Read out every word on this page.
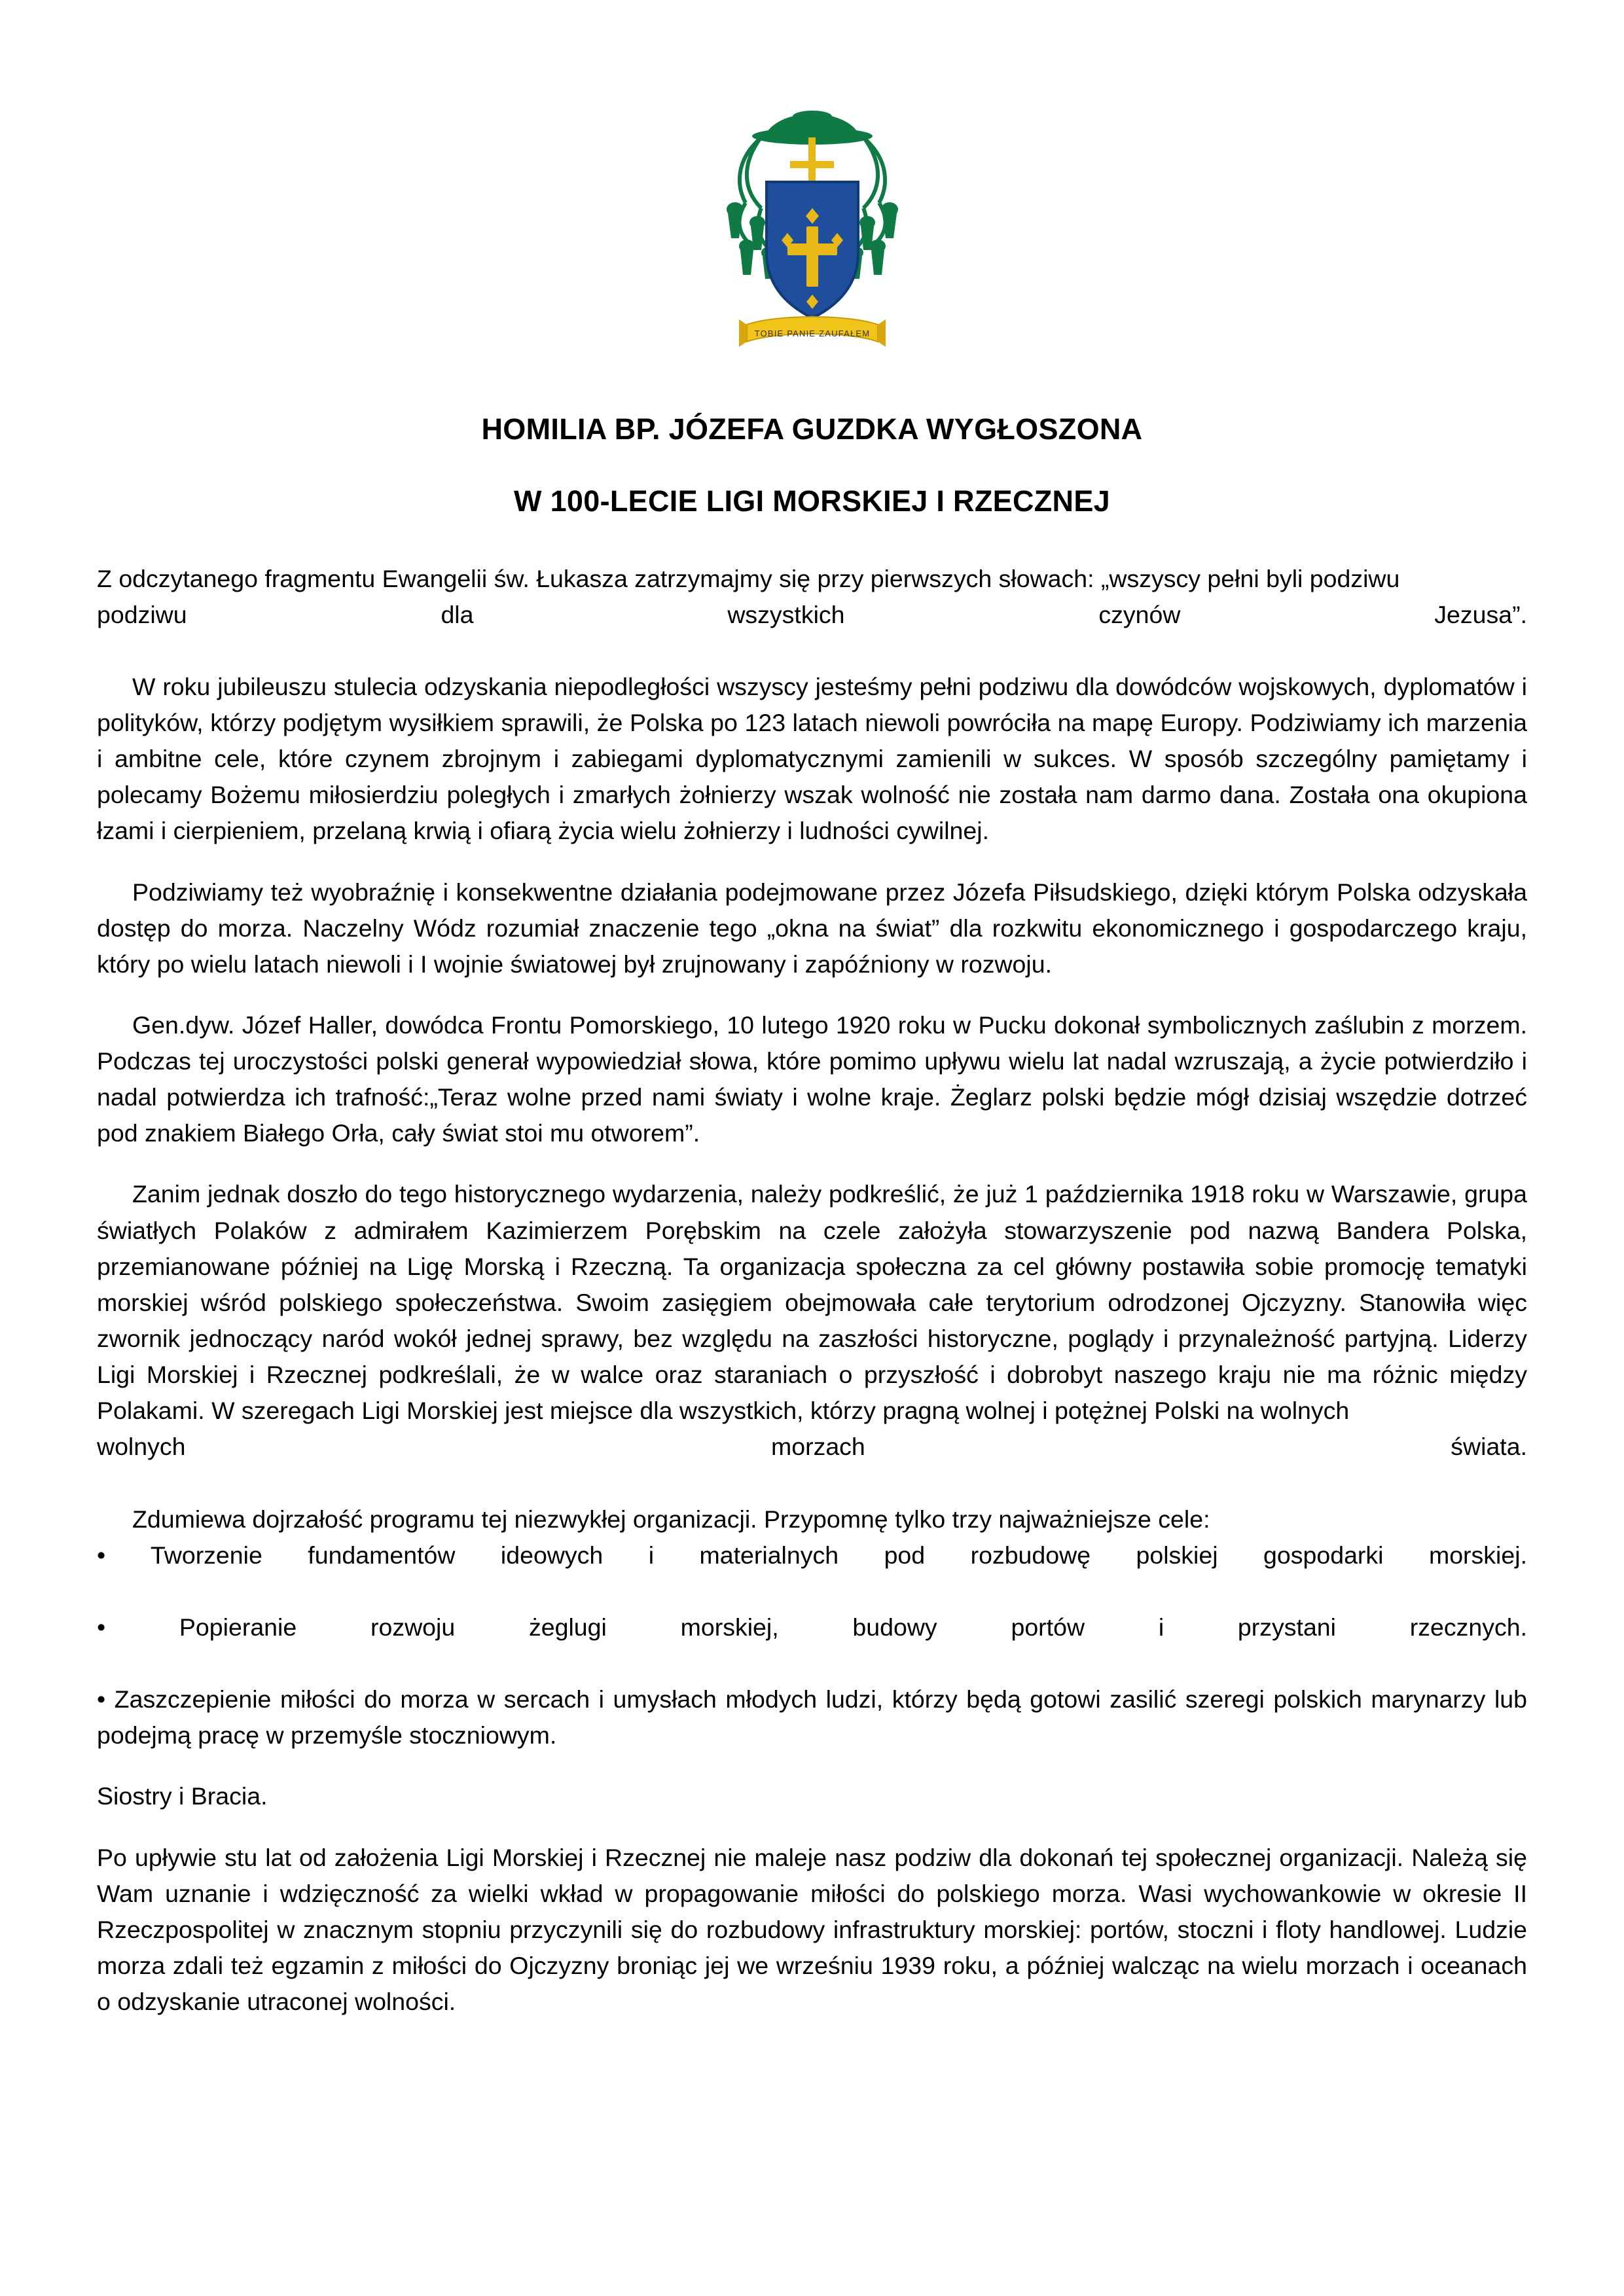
TOBIE PANIE ZAUFAŁEM
HOMILIA BP. JÓZEFA GUZDKA WYGŁOSZONA
W 100-LECIE LIGI MORSKIEJ I RZECZNEJ

Z odczytanego fragmentu Ewangelii św. Łukasza zatrzymajmy się przy pierwszych słowach: „wszyscy pełni byli podziwu

podziwu dla wszystkich czynów Jezusa”.

W roku jubileuszu stulecia odzyskania niepodległości wszyscy jesteśmy pełni podziwu dla dowódców wojskowych, dyplomatów i polityków, którzy podjętym wysiłkiem sprawili, że Polska po 123 latach niewoli powróciła na mapę Europy. Podziwiamy ich marzenia i ambitne cele, które czynem zbrojnym i zabiegami dyplomatycznymi zamienili w sukces. W sposób szczególny pamiętamy i polecamy Bożemu miłosierdziu poległych i zmarłych żołnierzy wszak wolność nie została nam darmo dana. Została ona okupiona łzami i cierpieniem, przelaną krwią i ofiarą życia wielu żołnierzy i ludności cywilnej.

Podziwiamy też wyobraźnię i konsekwentne działania podejmowane przez Józefa Piłsudskiego, dzięki którym Polska odzyskała dostęp do morza. Naczelny Wódz rozumiał znaczenie tego „okna na świat” dla rozkwitu ekonomicznego i gospodarczego kraju, który po wielu latach niewoli i I wojnie światowej był zrujnowany i zapóźniony w rozwoju.

Gen.dyw. Józef Haller, dowódca Frontu Pomorskiego, 10 lutego 1920 roku w Pucku dokonał symbolicznych zaślubin z morzem. Podczas tej uroczystości polski generał wypowiedział słowa, które pomimo upływu wielu lat nadal wzruszają, a życie potwierdziło i nadal potwierdza ich trafność:„Teraz wolne przed nami światy i wolne kraje. Żeglarz polski będzie mógł dzisiaj wszędzie dotrzeć pod znakiem Białego Orła, cały świat stoi mu otworem”.

Zanim jednak doszło do tego historycznego wydarzenia, należy podkreślić, że już 1 października 1918 roku w Warszawie, grupa światłych Polaków z admirałem Kazimierzem Porębskim na czele założyła stowarzyszenie pod nazwą Bandera Polska, przemianowane później na Ligę Morską i Rzeczną. Ta organizacja społeczna za cel główny postawiła sobie promocję tematyki morskiej wśród polskiego społeczeństwa. Swoim zasięgiem obejmowała całe terytorium odrodzonej Ojczyzny. Stanowiła więc zwornik jednoczący naród wokół jednej sprawy, bez względu na zaszłości historyczne, poglądy i przynależność partyjną. Liderzy Ligi Morskiej i Rzecznej podkreślali, że w walce oraz staraniach o przyszłość i dobrobyt naszego kraju nie ma różnic między Polakami. W szeregach Ligi Morskiej jest miejsce dla wszystkich, którzy pragną wolnej i potężnej Polski na wolnych

wolnych morzach świata.

Zdumiewa dojrzałość programu tej niezwykłej organizacji. Przypomnę tylko trzy najważniejsze cele:

• Tworzenie fundamentów ideowych i materialnych pod rozbudowę polskiej gospodarki morskiej.

• Popieranie rozwoju żeglugi morskiej, budowy portów i przystani rzecznych.

• Zaszczepienie miłości do morza w sercach i umysłach młodych ludzi, którzy będą gotowi zasilić szeregi polskich marynarzy lub podejmą pracę w przemyśle stoczniowym.

Siostry i Bracia.

Po upływie stu lat od założenia Ligi Morskiej i Rzecznej nie maleje nasz podziw dla dokonań tej społecznej organizacji. Należą się Wam uznanie i wdzięczność za wielki wkład w propagowanie miłości do polskiego morza. Wasi wychowankowie w okresie II Rzeczpospolitej w znacznym stopniu przyczynili się do rozbudowy infrastruktury morskiej: portów, stoczni i floty handlowej. Ludzie morza zdali też egzamin z miłości do Ojczyzny broniąc jej we wrześniu 1939 roku, a później walcząc na wielu morzach i oceanach o odzyskanie utraconej wolności.
